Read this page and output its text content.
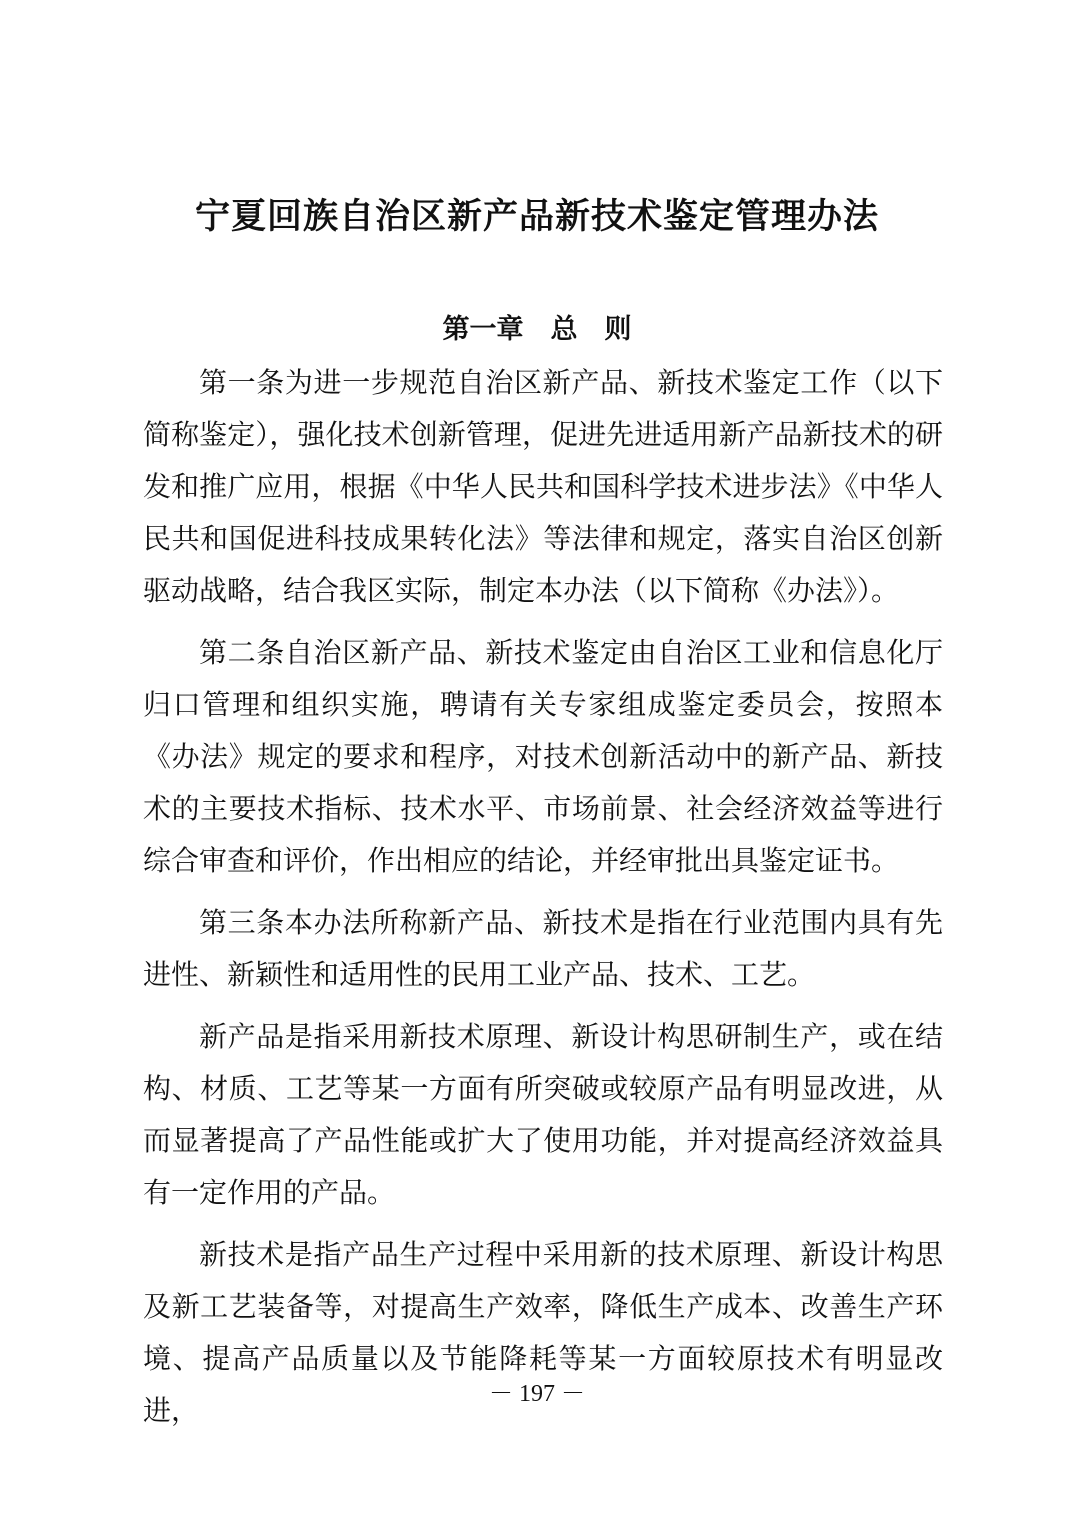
宁夏回族自治区新产品新技术鉴定管理办法
第一章　总　则

第一条为进一步规范自治区新产品、新技术鉴定工作（以下简称鉴定），强化技术创新管理，促进先进适用新产品新技术的研发和推广应用，根据《中华人民共和国科学技术进步法》《中华人民共和国促进科技成果转化法》等法律和规定，落实自治区创新驱动战略，结合我区实际，制定本办法（以下简称《办法》）。

第二条自治区新产品、新技术鉴定由自治区工业和信息化厅归口管理和组织实施，聘请有关专家组成鉴定委员会，按照本《办法》规定的要求和程序，对技术创新活动中的新产品、新技术的主要技术指标、技术水平、市场前景、社会经济效益等进行综合审查和评价，作出相应的结论，并经审批出具鉴定证书。

第三条本办法所称新产品、新技术是指在行业范围内具有先进性、新颖性和适用性的民用工业产品、技术、工艺。

新产品是指采用新技术原理、新设计构思研制生产，或在结构、材质、工艺等某一方面有所突破或较原产品有明显改进，从而显著提高了产品性能或扩大了使用功能，并对提高经济效益具有一定作用的产品。

新技术是指产品生产过程中采用新的技术原理、新设计构思及新工艺装备等，对提高生产效率，降低生产成本、改善生产环境、提高产品质量以及节能降耗等某一方面较原技术有明显改进，	－ 197 －
